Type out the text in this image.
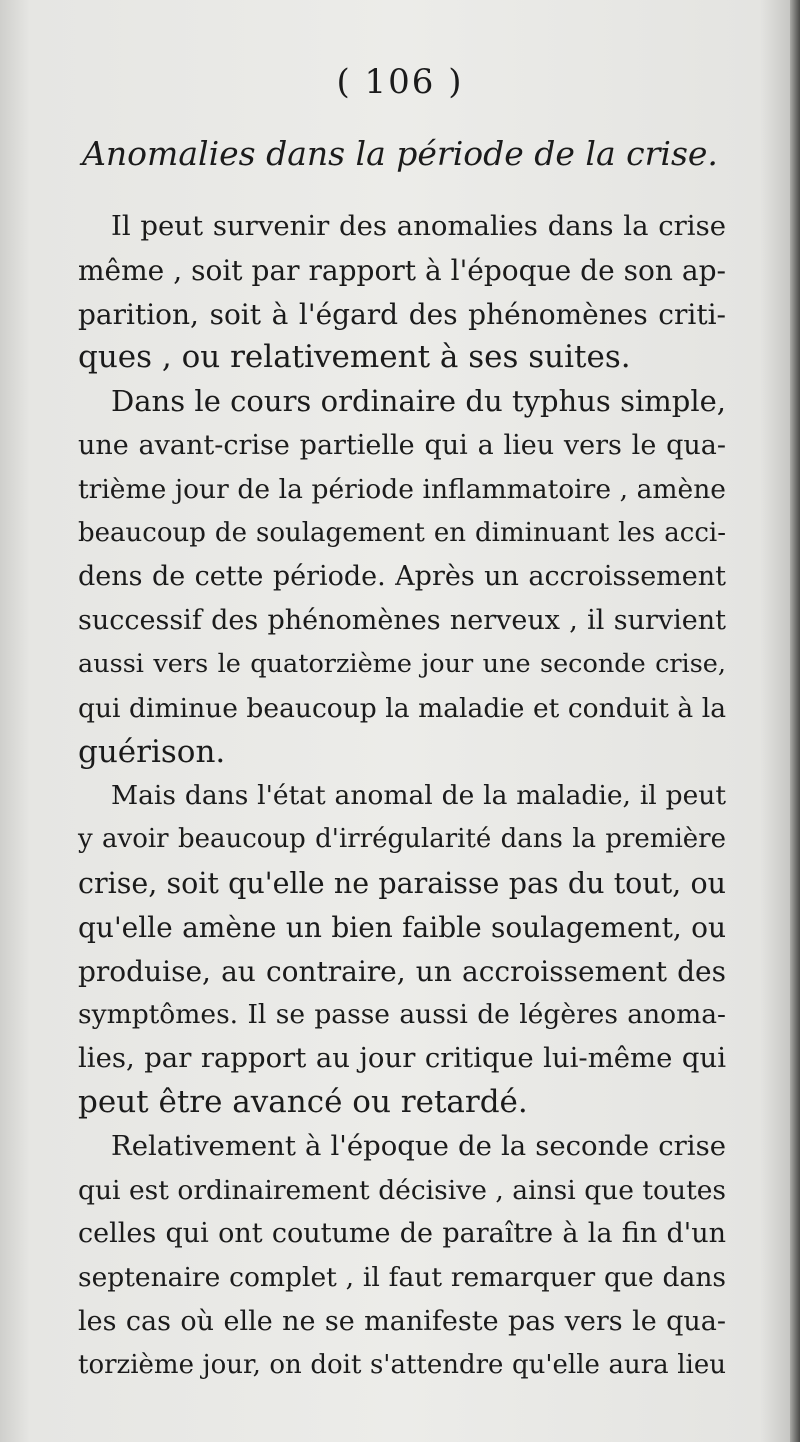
( 106 )
Anomalies dans la période de la crise.
Il peut survenir des anomalies dans la crise
même , soit par rapport à l'époque de son ap-
parition, soit à l'égard des phénomènes criti-
ques , ou relativement à ses suites.
Dans le cours ordinaire du typhus simple,
une avant-crise partielle qui a lieu vers le qua-
trième jour de la période inflammatoire , amène
beaucoup de soulagement en diminuant les acci-
dens de cette période. Après un accroissement
successif des phénomènes nerveux , il survient
aussi vers le quatorzième jour une seconde crise,
qui diminue beaucoup la maladie et conduit à la
guérison.
Mais dans l'état anomal de la maladie, il peut
y avoir beaucoup d'irrégularité dans la première
crise, soit qu'elle ne paraisse pas du tout, ou
qu'elle amène un bien faible soulagement, ou
produise, au contraire, un accroissement des
symptômes. Il se passe aussi de légères anoma-
lies, par rapport au jour critique lui-même qui
peut être avancé ou retardé.
Relativement à l'époque de la seconde crise
qui est ordinairement décisive , ainsi que toutes
celles qui ont coutume de paraître à la fin d'un
septenaire complet , il faut remarquer que dans
les cas où elle ne se manifeste pas vers le qua-
torzième jour, on doit s'attendre qu'elle aura lieu
